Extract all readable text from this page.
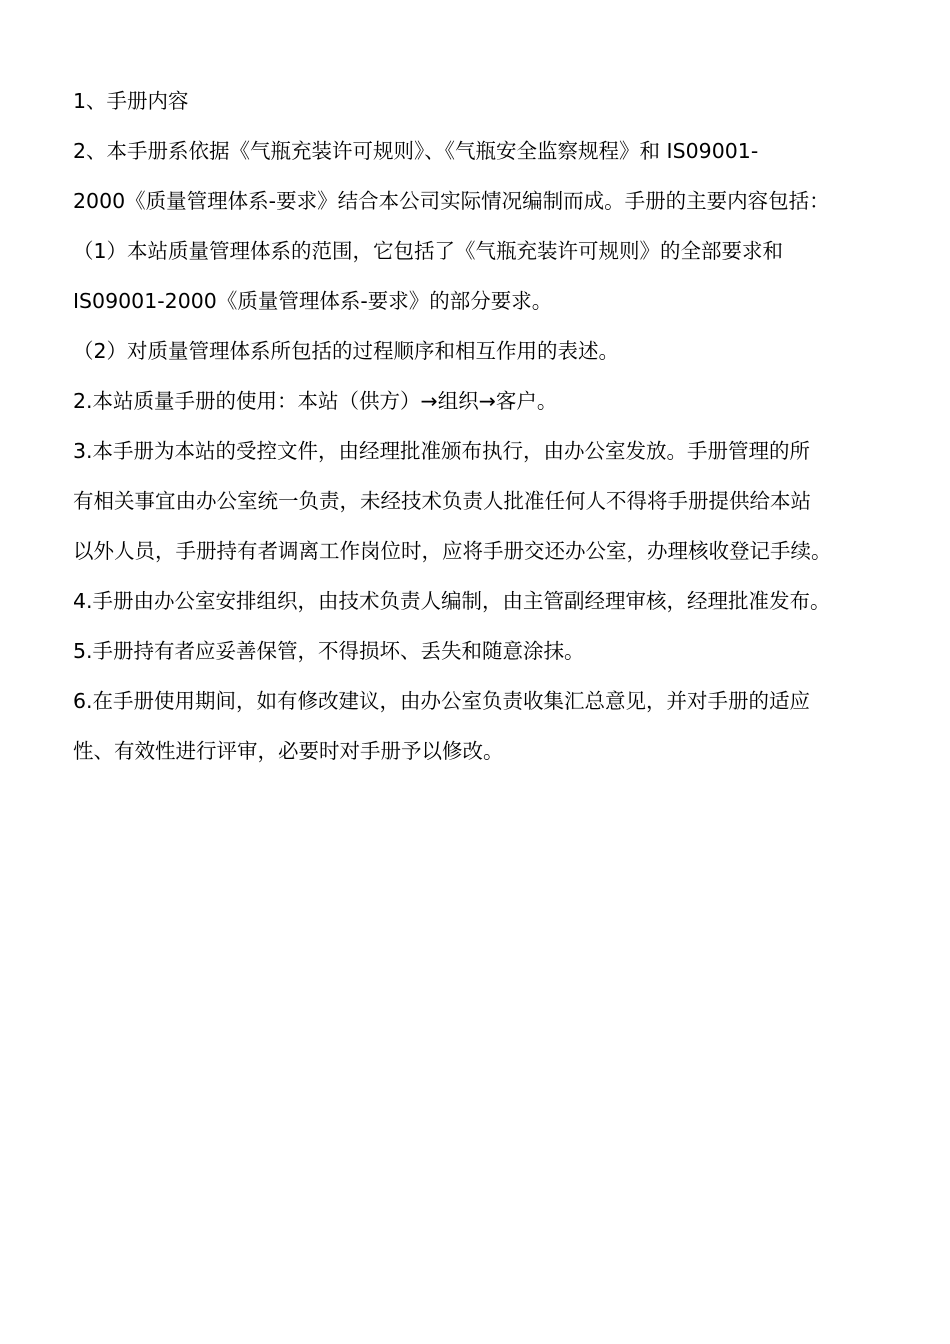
1、手册内容
2、本手册系依据《气瓶充装许可规则》、《气瓶安全监察规程》和 IS09001-
2000《质量管理体系-要求》结合本公司实际情况编制而成。手册的主要内容包括：
（1）本站质量管理体系的范围，它包括了《气瓶充装许可规则》的全部要求和
IS09001-2000《质量管理体系-要求》的部分要求。
（2）对质量管理体系所包括的过程顺序和相互作用的表述。
2.本站质量手册的使用：本站（供方）→组织→客户。
3.本手册为本站的受控文件，由经理批准颁布执行，由办公室发放。手册管理的所
有相关事宜由办公室统一负责，未经技术负责人批准任何人不得将手册提供给本站
以外人员，手册持有者调离工作岗位时，应将手册交还办公室，办理核收登记手续。
4.手册由办公室安排组织，由技术负责人编制，由主管副经理审核，经理批准发布。
5.手册持有者应妥善保管，不得损坏、丢失和随意涂抹。
6.在手册使用期间，如有修改建议，由办公室负责收集汇总意见，并对手册的适应
性、有效性进行评审，必要时对手册予以修改。
